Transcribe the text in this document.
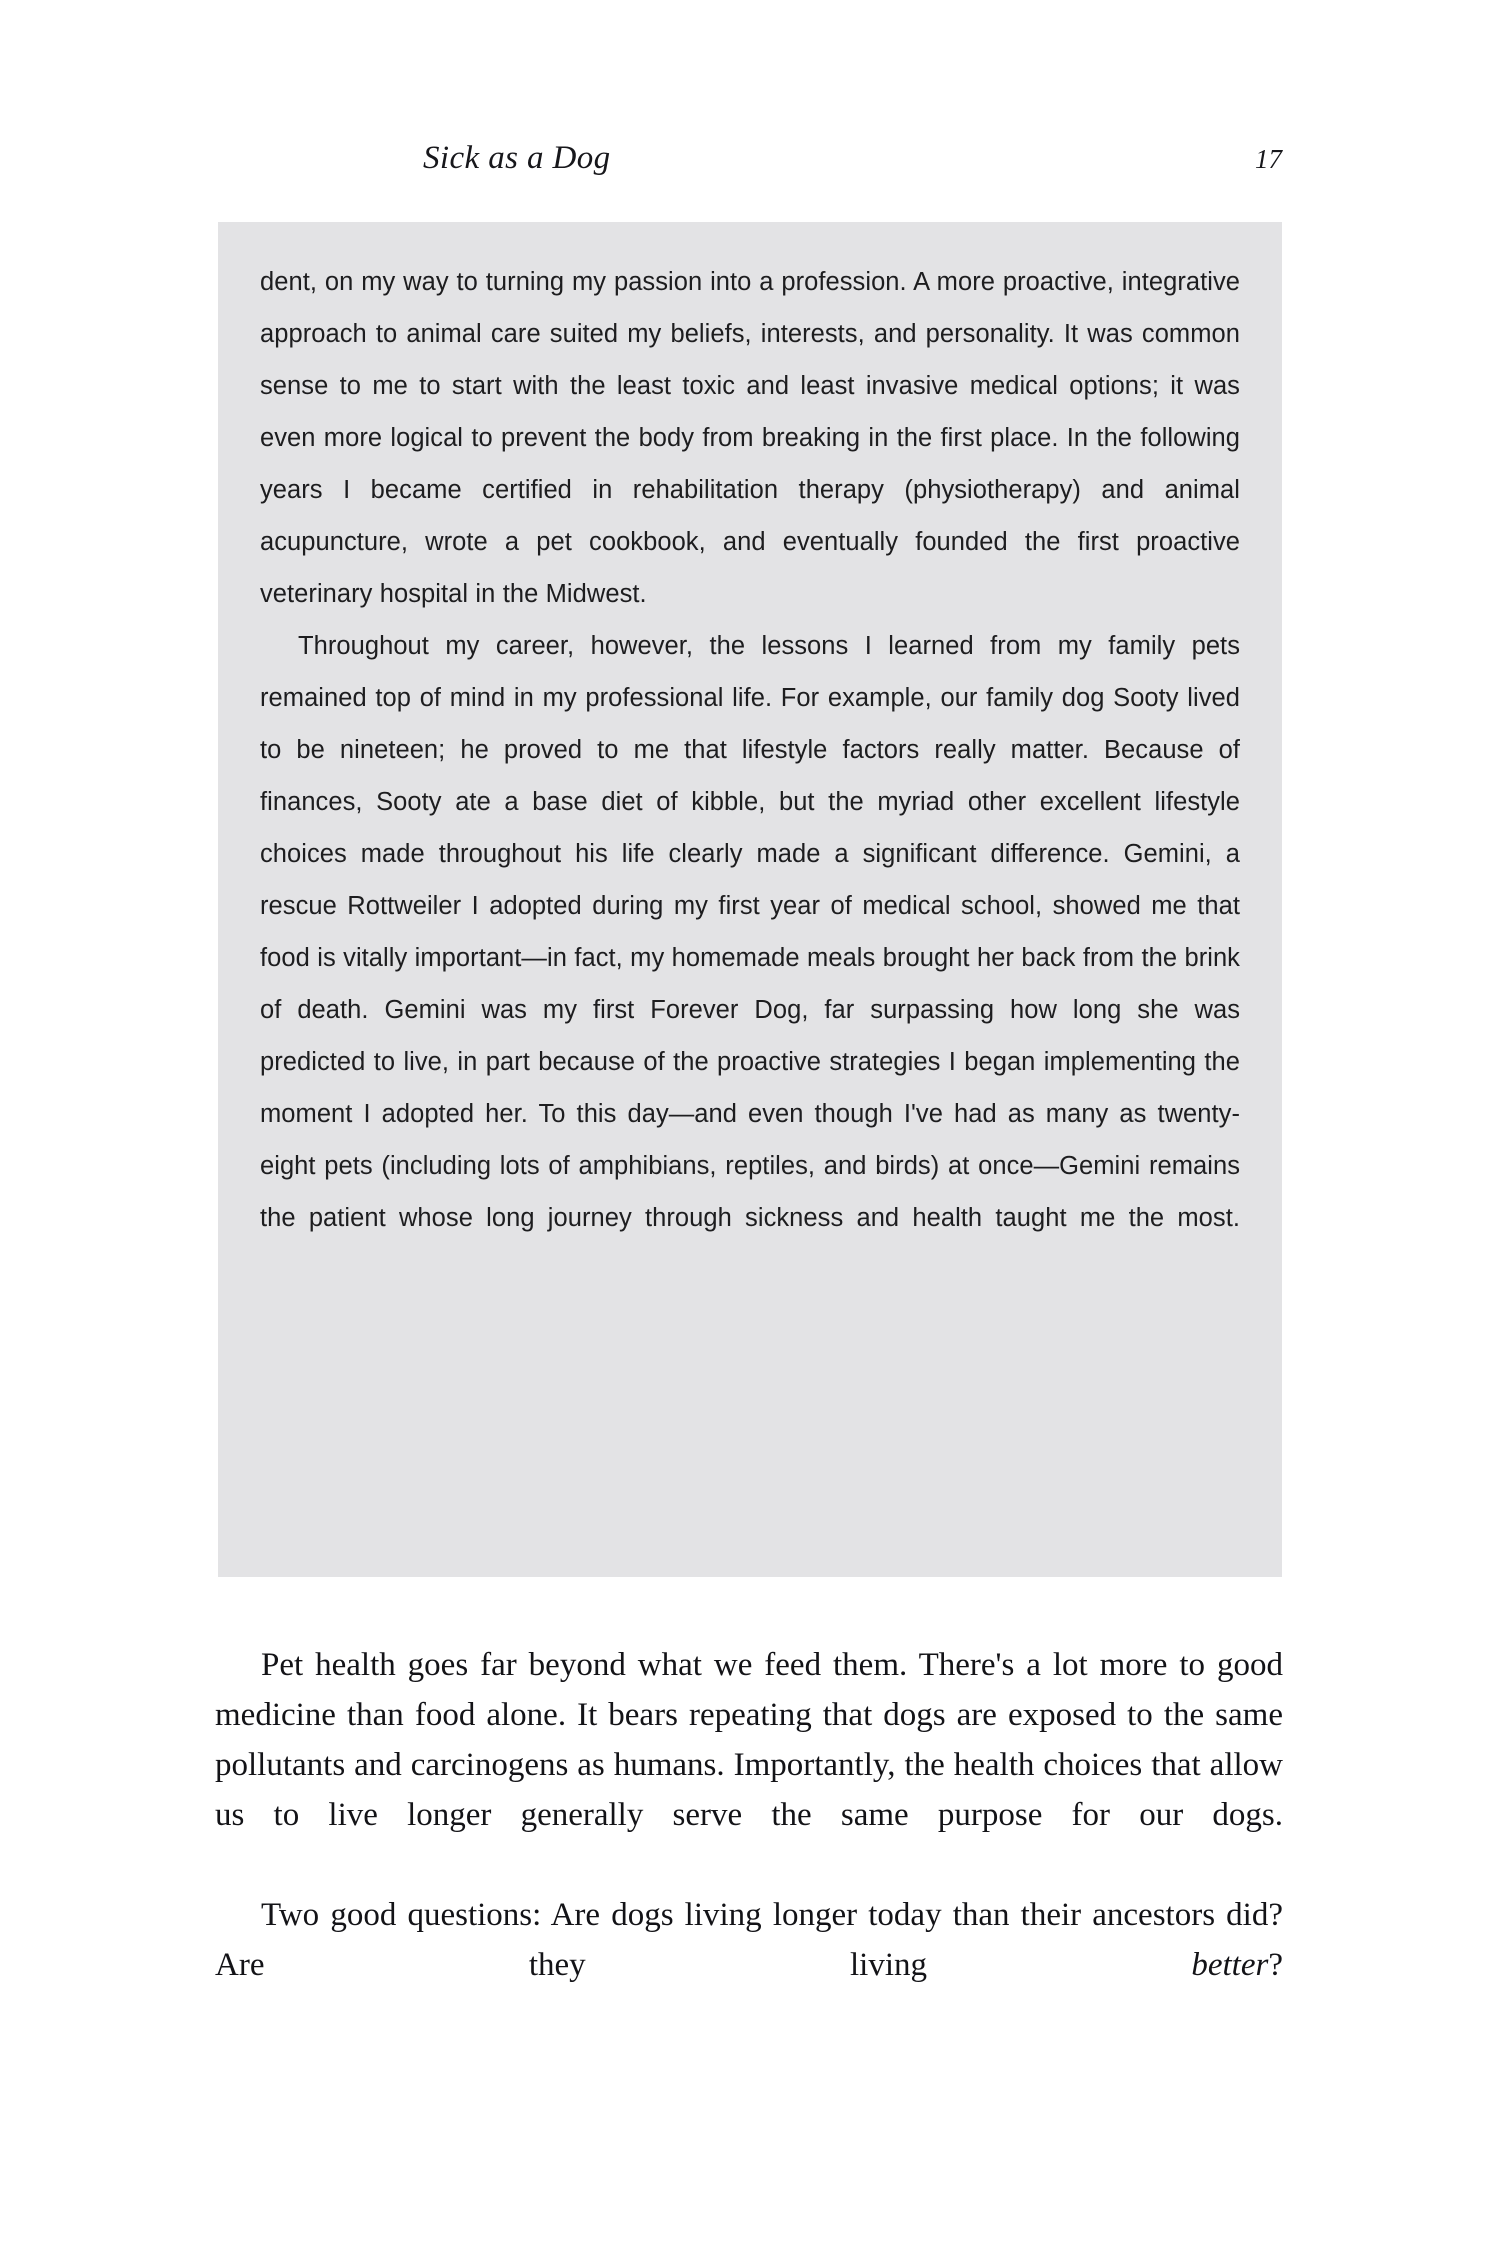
Sick as a Dog	17

dent, on my way to turning my passion into a profession. A more proactive, integrative approach to animal care suited my beliefs, interests, and personality. It was common sense to me to start with the least toxic and least invasive medical options; it was even more logical to prevent the body from breaking in the first place. In the following years I became certified in rehabilitation therapy (physiotherapy) and animal acupuncture, wrote a pet cookbook, and eventually founded the first proactive veterinary hospital in the Midwest.

Throughout my career, however, the lessons I learned from my family pets remained top of mind in my professional life. For example, our family dog Sooty lived to be nineteen; he proved to me that lifestyle factors really matter. Because of finances, Sooty ate a base diet of kibble, but the myriad other excellent lifestyle choices made throughout his life clearly made a significant difference. Gemini, a rescue Rottweiler I adopted during my first year of medical school, showed me that food is vitally important—in fact, my homemade meals brought her back from the brink of death. Gemini was my first Forever Dog, far surpassing how long she was predicted to live, in part because of the proactive strategies I began implementing the moment I adopted her. To this day—and even though I've had as many as twenty-eight pets (including lots of amphibians, reptiles, and birds) at once—Gemini remains the patient whose long journey through sickness and health taught me the most.

Pet health goes far beyond what we feed them. There's a lot more to good medicine than food alone. It bears repeating that dogs are exposed to the same pollutants and carcinogens as humans. Importantly, the health choices that allow us to live longer generally serve the same purpose for our dogs.

Two good questions: Are dogs living longer today than their ancestors did? Are they living better?
